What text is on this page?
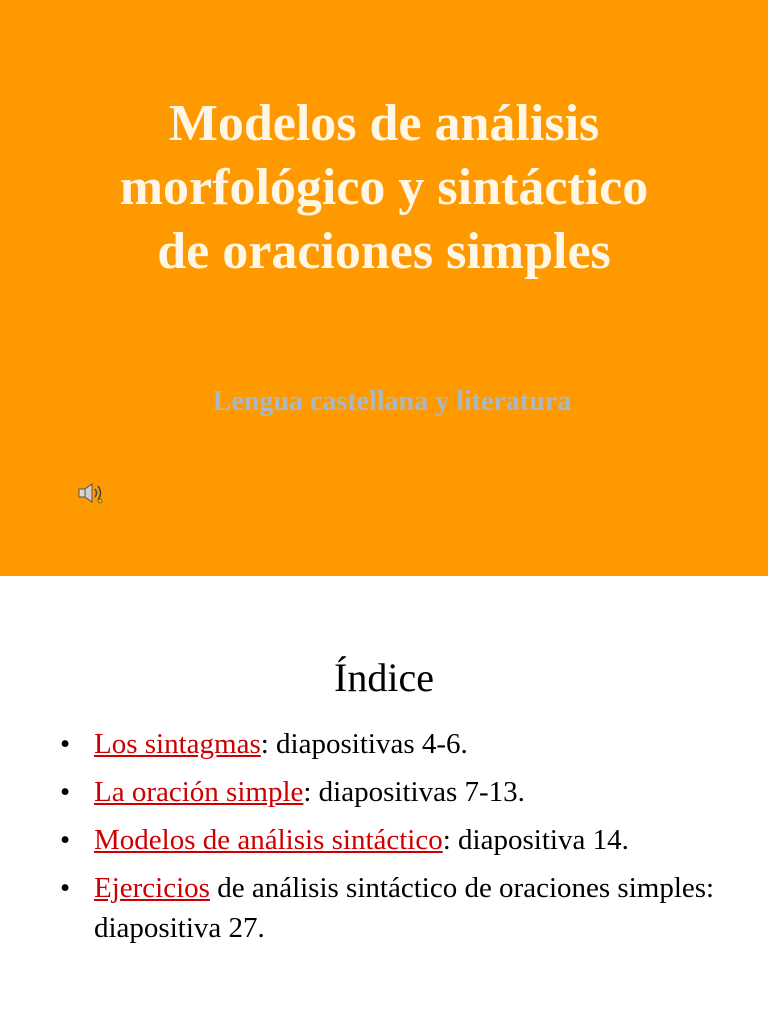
Modelos de análisis
morfológico y sintáctico
de oraciones simples
Lengua castellana y literatura
Índice
• Los sintagmas: diapositivas 4-6.
• La oración simple: diapositivas 7-13.
• Modelos de análisis sintáctico: diapositiva 14.
• Ejercicios de análisis sintáctico de oraciones simples: diapositiva 27.
